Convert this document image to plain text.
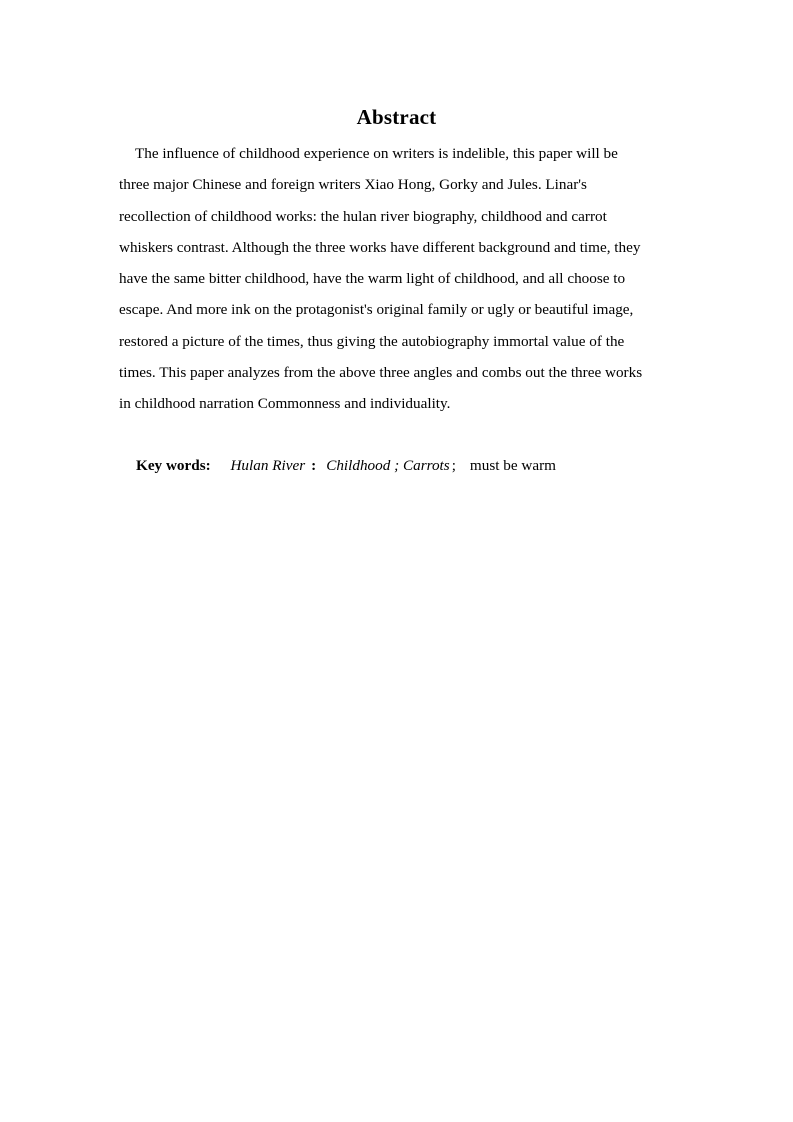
Abstract
The influence of childhood experience on writers is indelible, this paper will be
three major Chinese and foreign writers Xiao Hong, Gorky and Jules. Linar's
recollection of childhood works: the hulan river biography, childhood and carrot
whiskers contrast. Although the three works have different background and time, they
have the same bitter childhood, have the warm light of childhood, and all choose to
escape. And more ink on the protagonist's original family or ugly or beautiful image,
restored a picture of the times, thus giving the autobiography immortal value of the
times. This paper analyzes from the above three angles and combs out the three works
in childhood narration Commonness and individuality.
Key words: Hulan River : Childhood ; Carrots ; must be warm
